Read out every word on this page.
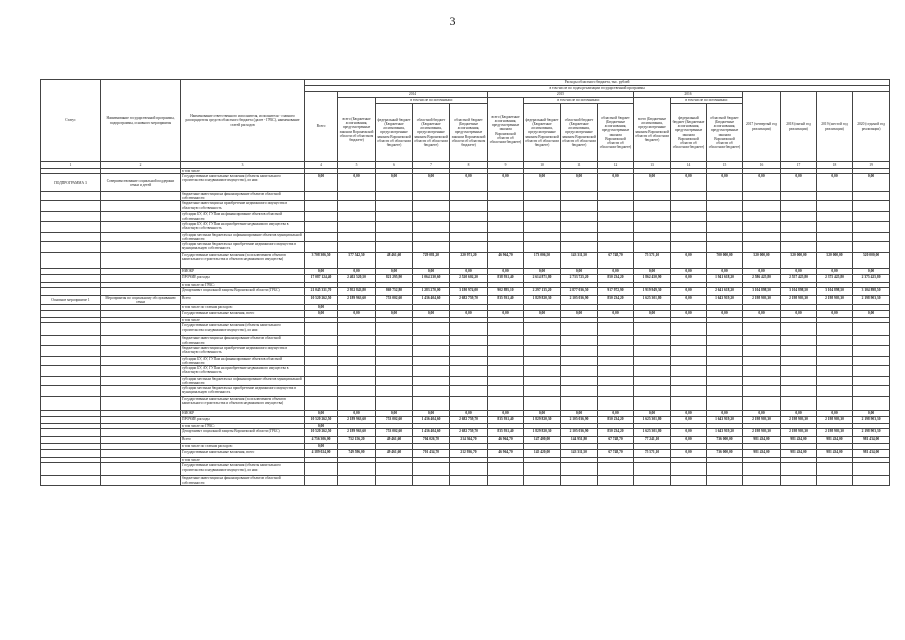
3
Статус	Наименование государственной программы, подпрограммы, основного мероприятия	Наименование ответственного исполнителя, исполнителя - главного распорядителя средств областного бюджета (далее - ГРБС), наименование статей расходов	Расходы областного бюджета, тыс. рублей															
			в том числе по годам реализации государственной программы															
			Всего	2014				2015				2016			2017 (четвертый год реализации)	2018 (пятый год реализации)	2019 (шестой год реализации)	2020 (седьмой год реализации)
				всего (Бюджетные ассигнования, предусмотренные законом Воронежской области об областном бюджете)	в том числе по источникам:			всего (Бюджетные ассигнования, предусмотренные законом Воронежской области об областном бюджете)	в том числе по источникам:			всего (Бюджетные ассигнования, предусмотренные законом Воронежской области об областном бюджете)	в том числе по источникам:					
					федеральный бюджет (Бюджетные ассигнования, предусмотренные законом Воронежской области об областном бюджете)	областной бюджет (Бюджетные ассигнования, предусмотренные законом Воронежской области об областном бюджете)	областной бюджет (Бюджетные ассигнования, предусмотренные законом Воронежской области об областном бюджете)		федеральный бюджет (Бюджетные ассигнования, предусмотренные законом Воронежской области об областном бюджете)	областной бюджет (Бюджетные ассигнования, предусмотренные законом Воронежской области об областном бюджете)	областной бюджет (Бюджетные ассигнования, предусмотренные законом Воронежской области об областном бюджете)		федеральный бюджет (Бюджетные ассигнования, предусмотренные законом Воронежской области об областном бюджете)	областной бюджет (Бюджетные ассигнования, предусмотренные законом Воронежской области об областном бюджете)				
1	2	3	4	5	6	7	8	9	10	11	12	13	14	15	16	17	18	19
		в том числе																
ПОДПРОГРАММА 3	Совершенствование социальной поддержки семьи и детей	Государственные капитальные вложения (объекты капитального строительства и недвижимое имущество), из них:	0,00	0,00	0,00	0,00	0,00	0,00	0,00	0,00	0,00	0,00	0,00	0,00	0,00	0,00	0,00	0,00
		бюджетные инвестиции на финансирование объектов областной собственности																
		бюджетные инвестиции на приобретение недвижимого имущества в областную собственность																
		субсидии БУ, АУ, ГУПам на финансирование объектов областной собственности																
		субсидии БУ, АУ, ГУПам на приобретение недвижимого имущества в областную собственность																
		субсидии местным бюджетам на софинансирование объектов муниципальной собственности																
		субсидии местным бюджетам на приобретение недвижимого имущества в муниципальную собственность																
		Государственные капитальные вложения (за исключением объектов капитального строительства и объектов недвижимого имущества)	3 708 306,50	577 542,50	48 461,60	729 081,20	220 971,20	46 964,70	173 006,50	143 311,50	67 748,70	75 571,10	0,00	700 000,00	520 000,00	520 000,00	520 000,00	520 000,00
		НИОКР	0,00	0,00	0,00	0,00	0,00	0,00	0,00	0,00	0,00	0,00	0,00	0,00	0,00	0,00	0,00	0,00
		ПРОЧИЕ расходы	17 087 124,40	2 402 520,50	821 295,90	1 064 230,60	2 520 602,20	838 931,40	2 614 871,80	2 733 725,20	850 234,20	1 862 450,90	0,00	1 941 618,20	2 586 425,80	2 557 425,80	2 375 425,80	2 375 425,80
		в том числе по ГРБС:																
		Департамент социальной защиты Воронежской области (ГРБС)	21 045 331,70	2 952 843,80	869 752,80	1 283 270,00	3 180 974,00	902 895,10	2 297 135,20	2 877 036,50	917 972,90	1 919 949,30	0,00	2 641 618,20	3 104 898,50	3 104 898,50	3 104 898,50	3 104 898,50
Основное мероприятие 1	Мероприятия по социальному обслуживанию семьи	Всего	10 520 262,50	2 189 963,60	753 002,60	1 436 404,60	2 682 759,70	835 931,40	1 829 820,30	2 105 036,90	850 234,20	1 625 301,80	0,00	1 643 919,20	2 198 903,30	2 198 903,30	2 198 903,30	2 198 903,30
		в том числе по статьям расходов:	0,00															
		Государственные капитальные вложения, всего	0,00	0,00	0,00	0,00	0,00	0,00	0,00	0,00	0,00	0,00	0,00	0,00	0,00	0,00	0,00	0,00
		в том числе																
		Государственные капитальные вложения (объекты капитального строительства и недвижимое имущество), из них:																
		бюджетные инвестиции на финансирование объектов областной собственности																
		бюджетные инвестиции на приобретение недвижимого имущества в областную собственность																
		субсидии БУ, АУ, ГУПам на финансирование объектов областной собственности																
		субсидии БУ, АУ, ГУПам на приобретение недвижимого имущества в областную собственность																
		субсидии местным бюджетам на софинансирование объектов муниципальной собственности																
		субсидии местным бюджетам на приобретение недвижимого имущества в муниципальную собственность																
		Государственные капитальные вложения (за исключением объектов капитального строительства и объектов недвижимого имущества)																
		НИОКР	0,00	0,00	0,00	0,00	0,00	0,00	0,00	0,00	0,00	0,00	0,00	0,00	0,00	0,00	0,00	0,00
		ПРОЧИЕ расходы	10 520 262,50	2 189 963,60	753 002,60	1 436 404,60	2 682 759,70	835 931,40	1 829 820,30	2 105 036,90	850 234,20	1 625 301,80	0,00	1 643 919,20	2 198 903,30	2 198 903,30	2 198 903,30	2 198 903,30
		в том числе по ГРБС:	0,00															
		Департамент социальной защиты Воронежской области (ГРБС)	10 520 262,50	2 189 963,60	753 002,60	1 436 404,60	2 682 759,70	835 931,40	1 829 820,30	2 105 036,90	850 234,20	1 625 301,80	0,00	1 643 919,20	2 198 903,30	2 198 903,30	2 198 903,30	2 198 903,30
		Всего	4 756 306,00	752 156,20	49 461,60	704 026,70	214 364,70	46 964,70	147 400,00	144 951,80	67 748,70	77 241,10	0,00	736 000,00	981 434,00	981 434,00	981 434,00	981 434,00
		в том числе по статьям расходов:	0,00															
		Государственные капитальные вложения, всего	4 189 024,00	749 596,00	49 461,60	701 434,70	212 936,70	46 964,70	145 420,00	143 311,50	67 748,70	75 571,10	0,00	736 000,00	981 434,00	981 434,00	981 434,00	981 434,00
		в том числе																
		Государственные капитальные вложения (объекты капитального строительства и недвижимое имущество), из них:																
		бюджетные инвестиции на финансирование объектов областной собственности																
